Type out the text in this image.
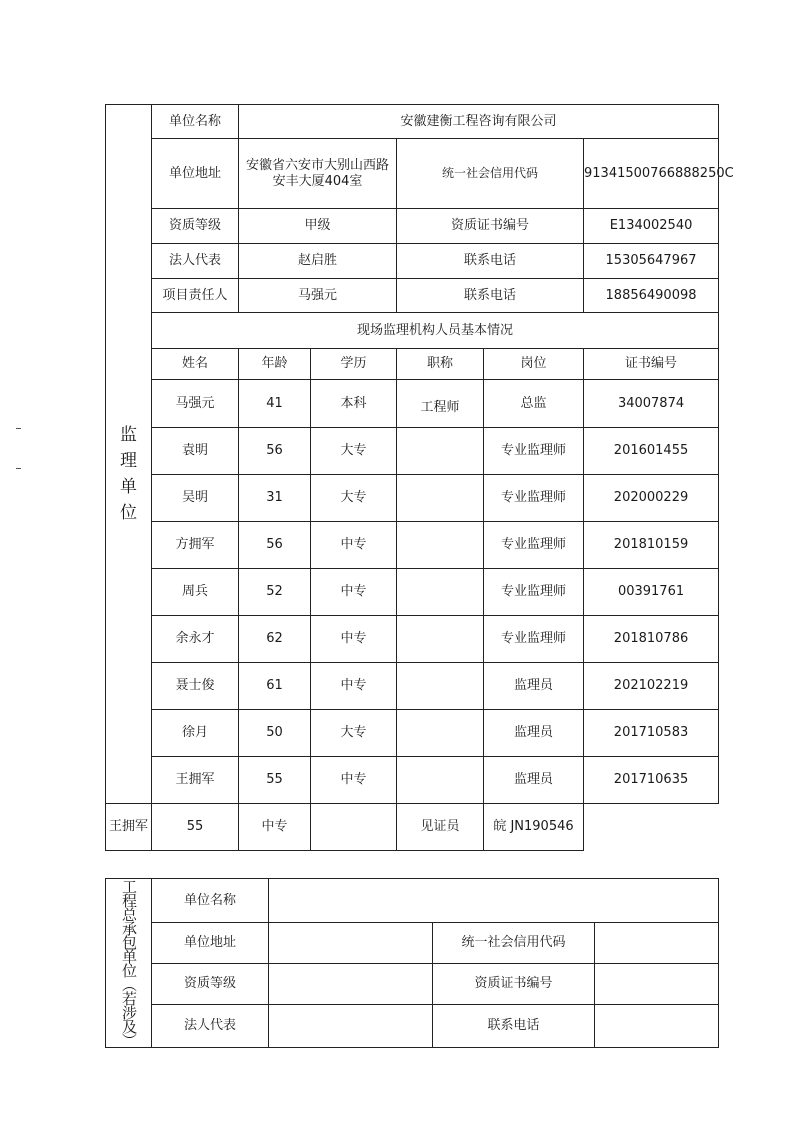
监理单位	单位名称	安徽建衡工程咨询有限公司				
	单位地址	安徽省六安市大别山西路安丰大厦404室		统一社会信用代码		91341500766888250C
	资质等级	甲级		资质证书编号		E134002540
	法人代表	赵启胜		联系电话		15305647967
	项目责任人	马强元		联系电话		18856490098
	现场监理机构人员基本情况					
	姓名	年龄	学历	职称	岗位	证书编号
	马强元	41	本科	工程师	总监	34007874
	袁明	56	大专		专业监理师	201601455
	吴明	31	大专		专业监理师	202000229
	方拥军	56	中专		专业监理师	201810159
	周兵	52	中专		专业监理师	00391761
	余永才	62	中专		专业监理师	201810786
	聂士俊	61	中专		监理员	202102219
	徐月	50	大专		监理员	201710583
	王拥军	55	中专		监理员	201710635
王拥军	55	中专		见证员	皖 JN190546	
工程总承包单位（若涉及）	单位名称			
	单位地址		统一社会信用代码	
	资质等级		资质证书编号	
	法人代表		联系电话	
